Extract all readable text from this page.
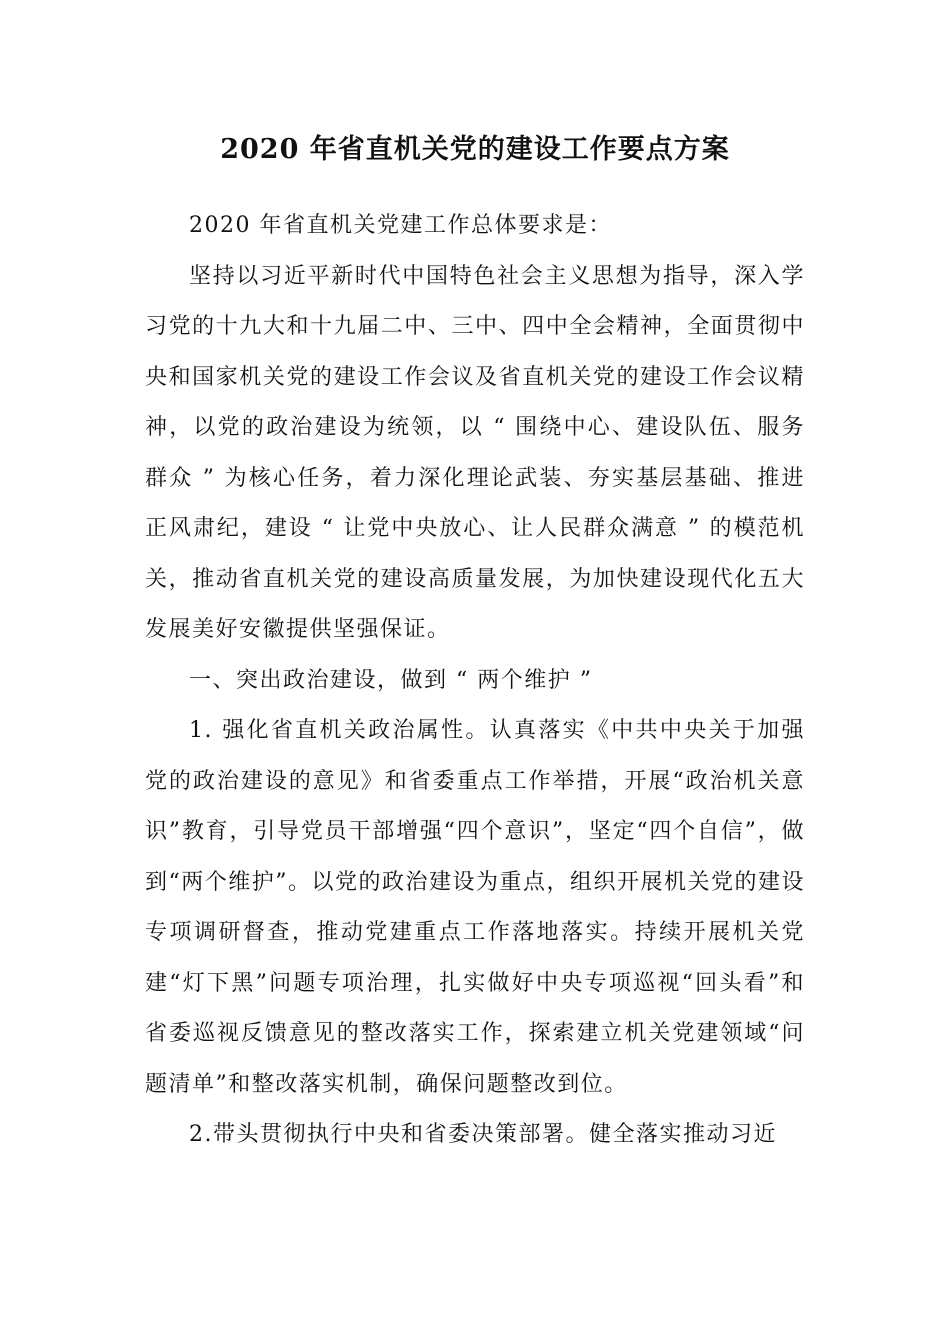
2020 年省直机关党的建设工作要点方案

2020 年省直机关党建工作总体要求是：

坚持以习近平新时代中国特色社会主义思想为指导，深入学习党的十九大和十九届二中、三中、四中全会精神，全面贯彻中央和国家机关党的建设工作会议及省直机关党的建设工作会议精神，以党的政治建设为统领，以 “ 围绕中心、建设队伍、服务群众 ” 为核心任务，着力深化理论武装、夯实基层基础、推进正风肃纪，建设 “ 让党中央放心、让人民群众满意 ” 的模范机关，推动省直机关党的建设高质量发展，为加快建设现代化五大发展美好安徽提供坚强保证。

一、突出政治建设，做到 “ 两个维护 ”

1. 强化省直机关政治属性。认真落实《中共中央关于加强党的政治建设的意见》和省委重点工作举措，开展“政治机关意识”教育，引导党员干部增强“四个意识”，坚定“四个自信”，做到“两个维护”。以党的政治建设为重点，组织开展机关党的建设专项调研督查，推动党建重点工作落地落实。持续开展机关党建“灯下黑”问题专项治理，扎实做好中央专项巡视“回头看”和省委巡视反馈意见的整改落实工作，探索建立机关党建领域“问题清单”和整改落实机制，确保问题整改到位。

2.带头贯彻执行中央和省委决策部署。健全落实推动习近
